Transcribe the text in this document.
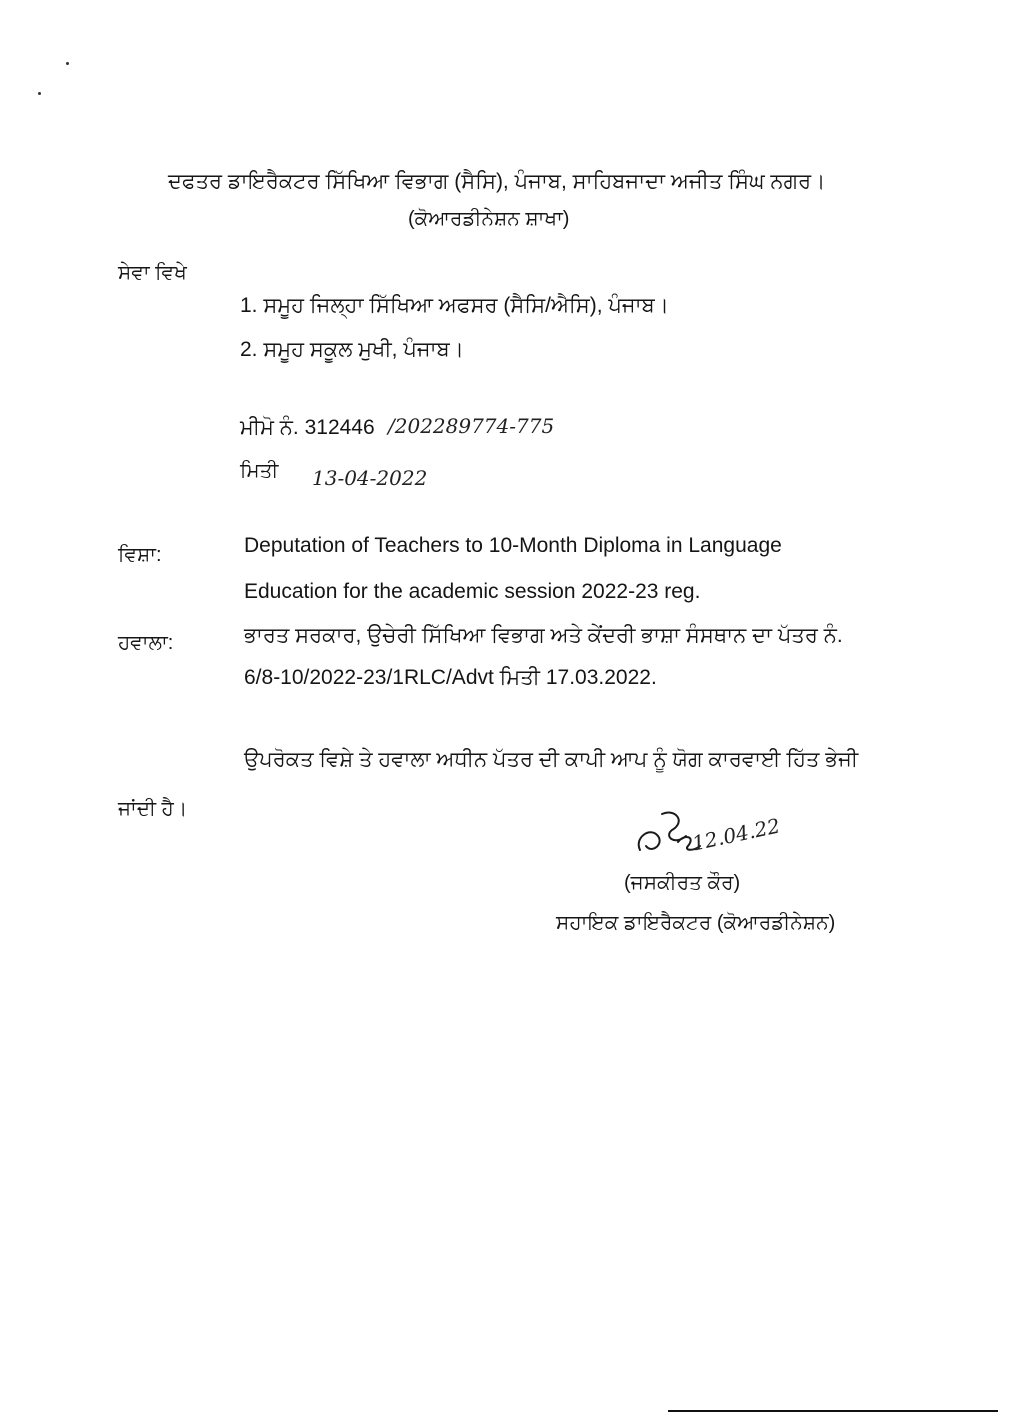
ਦਫਤਰ ਡਾਇਰੈਕਟਰ ਸਿੱਖਿਆ ਵਿਭਾਗ (ਸੈਸਿ), ਪੰਜਾਬ, ਸਾਹਿਬਜਾਦਾ ਅਜੀਤ ਸਿੰਘ ਨਗਰ।
(ਕੋਆਰਡੀਨੇਸ਼ਨ ਸ਼ਾਖਾ)
ਸੇਵਾ ਵਿਖੇ
1. ਸਮੂਹ ਜਿਲ੍ਹਾ ਸਿੱਖਿਆ ਅਫਸਰ (ਸੈਸਿ/ਐਸਿ), ਪੰਜਾਬ।
2. ਸਮੂਹ ਸਕੂਲ ਮੁਖੀ, ਪੰਜਾਬ।
ਮੀਮੋ ਨੰ. 312446 /202289774-775
ਮਿਤੀ 13-04-2022
ਵਿਸ਼ਾ:	Deputation of Teachers to 10-Month Diploma in Language
Education for the academic session 2022-23 reg.
ਹਵਾਲਾ:	ਭਾਰਤ ਸਰਕਾਰ, ਉਚੇਰੀ ਸਿੱਖਿਆ ਵਿਭਾਗ ਅਤੇ ਕੇਂਦਰੀ ਭਾਸ਼ਾ ਸੰਸਥਾਨ ਦਾ ਪੱਤਰ ਨੰ.
6/8-10/2022-23/1RLC/Advt ਮਿਤੀ 17.03.2022.
ਉਪਰੋਕਤ ਵਿਸ਼ੇ ਤੇ ਹਵਾਲਾ ਅਧੀਨ ਪੱਤਰ ਦੀ ਕਾਪੀ ਆਪ ਨੂੰ ਯੋਗ ਕਾਰਵਾਈ ਹਿੱਤ ਭੇਜੀ
ਜਾਂਦੀ ਹੈ।
12.04.22
(ਜਸਕੀਰਤ ਕੌਰ)
ਸਹਾਇਕ ਡਾਇਰੈਕਟਰ (ਕੋਆਰਡੀਨੇਸ਼ਨ)
